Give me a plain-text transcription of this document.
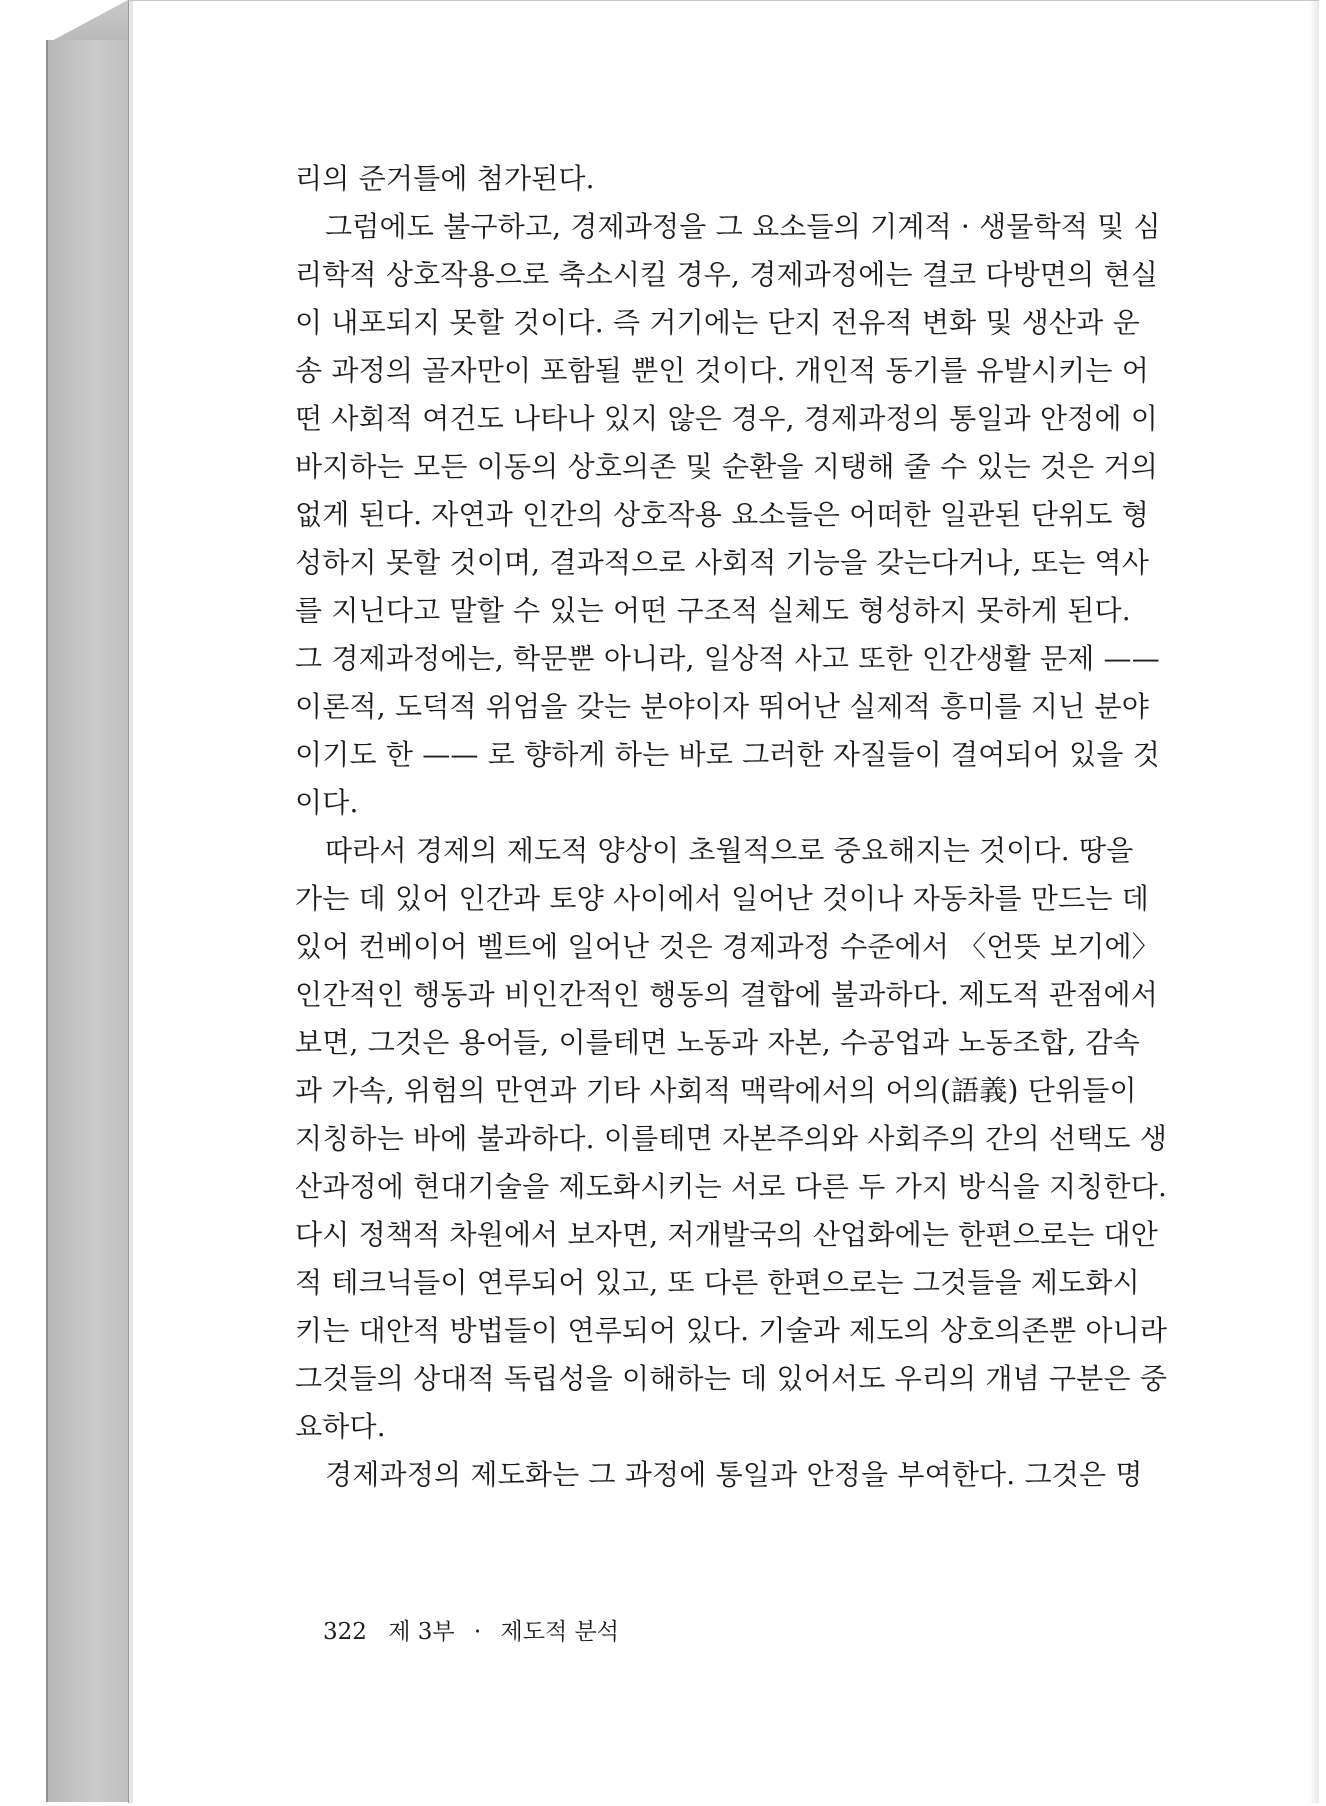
리의 준거틀에 첨가된다.
그럼에도 불구하고, 경제과정을 그 요소들의 기계적 · 생물학적 및 심
리학적 상호작용으로 축소시킬 경우, 경제과정에는 결코 다방면의 현실
이 내포되지 못할 것이다. 즉 거기에는 단지 전유적 변화 및 생산과 운
송 과정의 골자만이 포함될 뿐인 것이다. 개인적 동기를 유발시키는 어
떤 사회적 여건도 나타나 있지 않은 경우, 경제과정의 통일과 안정에 이
바지하는 모든 이동의 상호의존 및 순환을 지탱해 줄 수 있는 것은 거의
없게 된다. 자연과 인간의 상호작용 요소들은 어떠한 일관된 단위도 형
성하지 못할 것이며, 결과적으로 사회적 기능을 갖는다거나, 또는 역사
를 지닌다고 말할 수 있는 어떤 구조적 실체도 형성하지 못하게 된다.
그 경제과정에는, 학문뿐 아니라, 일상적 사고 또한 인간생활 문제 ——
이론적, 도덕적 위엄을 갖는 분야이자 뛰어난 실제적 흥미를 지닌 분야
이기도 한 —— 로 향하게 하는 바로 그러한 자질들이 결여되어 있을 것
이다.
따라서 경제의 제도적 양상이 초월적으로 중요해지는 것이다. 땅을
가는 데 있어 인간과 토양 사이에서 일어난 것이나 자동차를 만드는 데
있어 컨베이어 벨트에 일어난 것은 경제과정 수준에서 〈언뜻 보기에〉
인간적인 행동과 비인간적인 행동의 결합에 불과하다. 제도적 관점에서
보면, 그것은 용어들, 이를테면 노동과 자본, 수공업과 노동조합, 감속
과 가속, 위험의 만연과 기타 사회적 맥락에서의 어의(語義) 단위들이
지칭하는 바에 불과하다. 이를테면 자본주의와 사회주의 간의 선택도 생
산과정에 현대기술을 제도화시키는 서로 다른 두 가지 방식을 지칭한다.
다시 정책적 차원에서 보자면, 저개발국의 산업화에는 한편으로는 대안
적 테크닉들이 연루되어 있고, 또 다른 한편으로는 그것들을 제도화시
키는 대안적 방법들이 연루되어 있다. 기술과 제도의 상호의존뿐 아니라
그것들의 상대적 독립성을 이해하는 데 있어서도 우리의 개념 구분은 중
요하다.
경제과정의 제도화는 그 과정에 통일과 안정을 부여한다. 그것은 명
322 제 3부 · 제도적 분석
